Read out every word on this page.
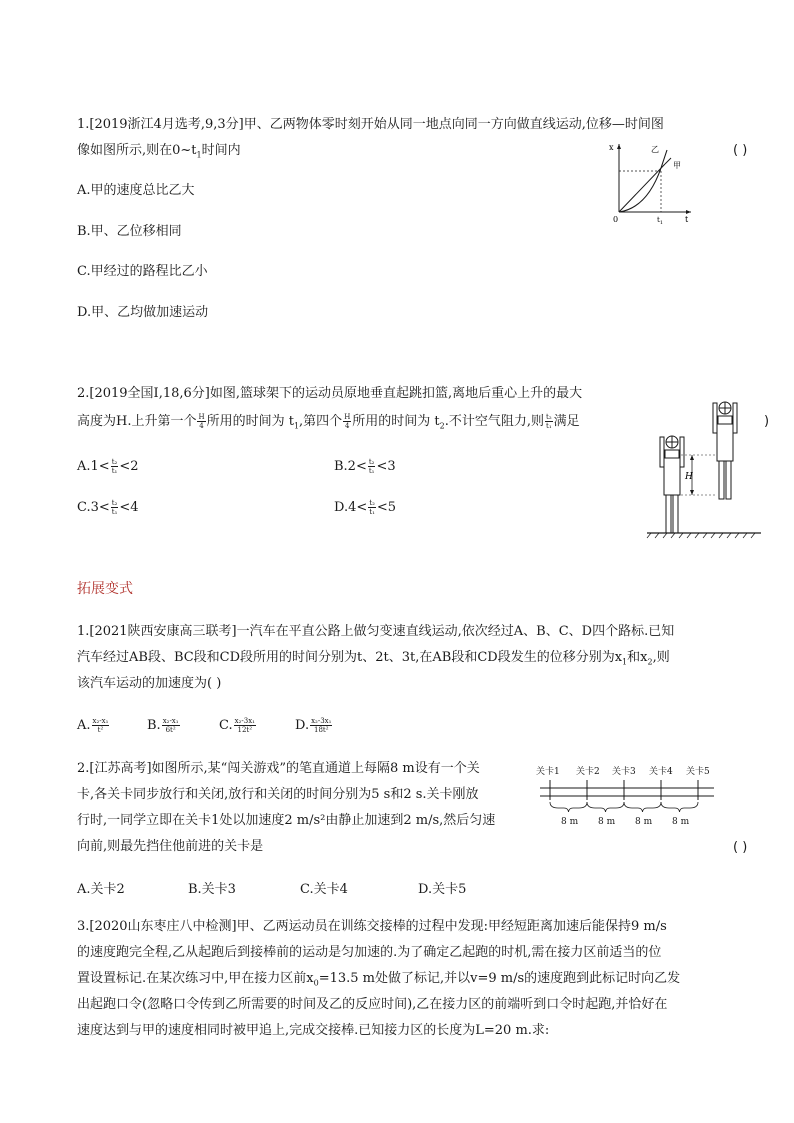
1.[2019浙江4月选考,9,3分]甲、乙两物体零时刻开始从同一地点向同一方向做直线运动,位移—时间图
像如图所示,则在$0\sim t_1$时间内	( )
A.甲的速度总比乙大
B.甲、乙位移相同
C.甲经过的路程比乙小
D.甲、乙均做加速运动
x
t
0	$t_1$
乙
甲
2.[2019全国Ⅰ,18,6分]如图,篮球架下的运动员原地垂直起跳扣篮,离地后重心上升的最大
高度为H.上升第一个 $\frac{H}{4}$ 所用的时间为 $t_1$,第四个 $\frac{H}{4}$ 所用的时间为 $t_2$.不计空气阻力,则 $\frac{\text{t₂}}{\text{t₁}}$ 满足	)
$A.1< \frac{\text{t₂}}{\text{t₁}} <2$	$B.2< \frac{\text{t₂}}{\text{t₁}} <3$
$C.3< \frac{\text{t₂}}{\text{t₁}} <4$	$D.4< \frac{\text{t₂}}{\text{t₁}} <5$
H
拓展变式
1.[2021陕西安康高三联考]一汽车在平直公路上做匀变速直线运动,依次经过A、B、C、D四个路标.已知
汽车经过AB段、BC段和CD段所用的时间分别为t、2t、3t,在AB段和CD段发生的位移分别为$x_1$和$x_2$,则
该汽车运动的加速度为( )
A. $\frac{\text{x₂-x₁}}{\text{t²}}$	B. $\frac{\text{x₂-x₁}}{\text{6t²}}$	C. $\frac{\text{x₂-3x₁}}{\text{12t²}}$	D. $\frac{\text{x₂-3x₁}}{\text{18t²}}$
2.[江苏高考]如图所示,某“闯关游戏”的笔直通道上每隔8 m设有一个关
卡,各关卡同步放行和关闭,放行和关闭的时间分别为5 s和2 s.关卡刚放
行时,一同学立即在关卡1处以加速度2 m/s²由静止加速到2 m/s,然后匀速
向前,则最先挡住他前进的关卡是	( )
A.关卡2	B.关卡3	C.关卡4	D.关卡5
关卡1 关卡2 关卡3 关卡4 关卡5
8 m 8 m 8 m 8 m
3.[2020山东枣庄八中检测]甲、乙两运动员在训练交接棒的过程中发现:甲经短距离加速后能保持9 m/s
的速度跑完全程,乙从起跑后到接棒前的运动是匀加速的.为了确定乙起跑的时机,需在接力区前适当的位
置设置标记.在某次练习中,甲在接力区前$x_0=13.5$ m处做了标记,并以v=9 m/s的速度跑到此标记时向乙发
出起跑口令(忽略口令传到乙所需要的时间及乙的反应时间),乙在接力区的前端听到口令时起跑,并恰好在
速度达到与甲的速度相同时被甲追上,完成交接棒.已知接力区的长度为L=20 m.求:
